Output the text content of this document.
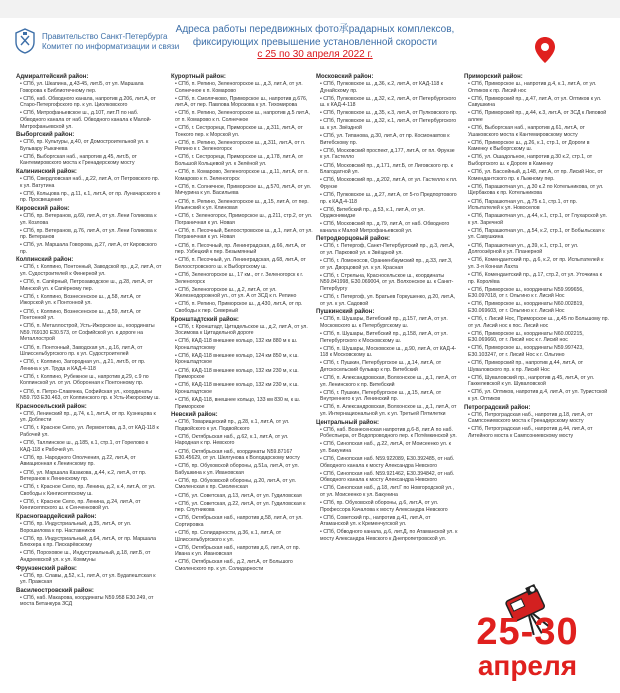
Правительство Санкт-Петербурга
Комитет по информатизации и связи
Адреса работы передвижных фото承радарных комплексов,
фиксирующих превышение установленной скорости
с 25 по 30 апреля 2022 г.
Адмиралтейский район:
• СПб, ул. Шкапина, д.43-45, лит.Б, от ул. Маршала Говорова к Библиотечному пер.
• СПб, наб. Обводного канала, напротив д.206, лит.А, от Старо-Петергофского пр. к ул. Циолковского
• СПб, Митрофаньевское ш., д.10Т, лит.П по наб. Обводного канала от наб. Обводного канала к Малой-Митрофаньевской ул.
Выборгский район:
• СПб, пр. Культуры, д.40, от Домостроительной ул. к Бульвару Рыкачева
• СПб, Выборгская наб., напротив д.45, лит.Б, от Кантемировского моста к Гренадерскому мосту
Калининский район:
• СПб, Свердловская наб., д.22, лит.А, от Петровского пр. к ул. Ватутина
• СПб, Кольцова пр., д.11, к.1, лит.А, от пр. Луначарского к пр. Просвещения
Кировский район:
• СПб, пр. Ветеранов, д.69, лит.А, от ул. Лени Голикова к ул. Козлова
• СПб, пр. Ветеранов, д.76, лит.А, от ул. Лени Голикова к пр. Ветеранов
• СПб, ул. Маршала Говорова, д.27, лит.А, от Кировского пр.
Колпинский район:
• СПб, г. Колпино, Понтонный, Заводской пр., д.2, лит.А, от ул. Судостроителей к Финерной ул.
• СПб, п. Сапёрный, Петрозаводское ш., д.28, лит.А, от Минской ул. к Сапёрному пер.
• СПб, г. Колпино, Вознесенское ш., д.58, лит.А, от Ижорской ул. к Понтонной ул.
• СПб, г. Колпино, Вознесенское ш., д.59, лит.А, от Понтонной ул.
• СПб, п. Металлострой, Усть-Ижорское ш., координаты N59.769130 E30.573, от Софийской ул. к дороге на Металлострой
• СПб, п. Понтонный, Заводская ул., д.16, лит.А, от Шлиссельбургского пр. к ул. Судостроителей
• СПб, г. Колпино, Загородная ул., д.21, лит.Б, от пр. Ленина к ул. Труда и КАД-4-118
• СПб, г. Колпино, Рубежное ш., напротив д.29, с.9 по Колпинской ул. от ул. Оборонная к Понтонному пр.
• СПб, п. Петро-Славянка, Софийская ул., координаты N59.793 E30.463, от Колпинского пр. к Усть-Ижорскому ш.
Красносельский район:
• СПб, Ленинский пр., д.74, к.1, лит.А, от пр. Кузнецова к ул. Доблести
• СПб, г. Красное Село, ул. Лермонтова, д.3, от КАД-118 к Рабочей ул.
• СПб, Таллинское ш., д.185, к.1, стр.1, от Горелово к КАД-118 к Рабочей ул.
• СПб, пр. Народного Ополчения, д.22, лит.А, от Авиационная к Ленинскому пр.
• СПб, ул. Маршала Казакова, д.44, к.2, лит.А, от пр. Ветеранов к Ленинскому пр.
• СПб, г. Красное Село, пр. Ленина, д.2, к.4, лит.А, от ул. Свободы к Кингисеппскому ш.
• СПб, г. Красное Село, пр. Ленина, д.24, лит.А, от Кингисеппского ш. к Сенченковой ул.
Красногвардейский район:
• СПб, пр. Индустриальный, д.35, лит.А, от ул. Ворошилова к пр. Наставников
• СПб, пр. Индустриальный, д.64, лит.А, от пр. Маршала Блюхера к пр. Пискарёвскому
• СПб, Пороховое ш., Индустриальный, д.18, лит.Б, от Андреевской ул. к ул. Коммуны
Фрунзенский район:
• СПб, пр. Славы, д.52, к.1, лит.А, от ул. Будапештская к ул. Пражская
Василеостровский район:
• СПб, наб. Макарова, координаты N59.958 E30.249, от моста Бетанкура ЗСД
Курортный район:
• СПб, п. Репино, Зеленогорское ш., д.3, лит.А, от ул. Солнечное к п. Комарово
• СПб, п. Смолячково, Приморское ш., напротив д.676, лит.А, от пер. Павлова Морозова к ул. Тихомирова
• СПб, п. Репино, Зеленогорское ш., напротив д.5 лит.А, от п. Комарово к п. Солнечное
• СПб, г. Сестрорецк, Приморское ш., д.311, лит.А, от Тонкого пер. к Морской ул.
• СПб, п. Репино, Зеленогорское ш., д.311, лит.А, от п. Репино к г. Зеленогорск
• СПб, г. Сестрорецк, Приморское ш., д.178, лит.А, от Большой Кольцевой ул. к Зелёной ул.
• СПб, п. Комарово, Зеленогорское ш., д.11, лит.А, от п. Комарово к п. Зеленогорск
• СПб, п. Солнечное, Приморское ш., д.570, лит.А, от ул. Мичурина к ул. Васильева
• СПб, п. Репино, Зеленогорское ш., д.15, лит.А, от пер. Ильинский к ул. Клиновая
• СПб, г. Зеленогорск, Приморское ш., д.211, стр.2, от ул. Пограничная к ул. Новая
• СПб, п. Песочный, Белоостровское ш., д.1, лит.А, от ул. Пограничная к ул. Новая
• СПб, п. Песочный, пр. Ленинградская, д.66, лит.А, от пер. Узбецкий к пер. Безымянный
• СПб, п. Песочный, ул. Ленинградская, д.68, лит.А, от Белоостровского ш. к Выборгскому ш.
• СПб, Зеленогорское ш., 17 км., от г. Зеленогорск к г. Зеленогорск
• СПб, Зеленогорское ш., д.2, лит.А, от ул. Железнодорожной ул., от ул. А от ЗСД к п. Репино
• СПб, п. Репино, Приморское ш., д.430, лит.А, от пр. Свободы к пер. Северный
Кронштадтский район:
• СПб, г. Кронштадт, Цитадельское ш., д.2, лит.А, от ул. Зосимова к Цитадельной дороге
• СПб, КАД-118 внешнее кольцо, 132 км 880 м к ш. Кронштадтскому
• СПб, КАД-118 внешнее кольцо, 124 км 850 м, к ш. Кронштадтское
• СПб, КАД-118 внешнее кольцо, 132 км 230 м, к ш. Приморское
• СПб, КАД-118 внешнее кольцо, 132 км 230 м, к ш. Кронштадтское
• СПб, КАД-118, внешнее кольцо, 133 км 830 м, к ш. Приморское
Невский район:
• СПб, Товарищеский пр., д.28, к.1, лит.А, от ул. Подвойского к ул. Подвойского
• СПб, Октябрьская наб., д.62, к.1, лит.А, от ул. Народная к пр. Невского
• СПб, Октябрьская наб., координаты N59.87167 E30.45629, от ул. Шелгунова к Володарскому мосту
• СПб, пр. Обуховской обороны, д.51а, лит.А, от ул. Бабушкина к ул. Ивановская
• СПб, пр. Обуховской обороны, д.20, лит.А, от ул. Смоленская к пр. Смоленская
• СПб, ул. Советская, д.13, лит.А, от ул. Гудиловская
• СПб, ул. Советская, д.22, лит.А, от ул. Гудиловская к пер. Спутникова
• СПб, Октябрьская наб., напротив д.58, лит.А, от ул. Сортировка
• СПб, пр. Солидарности, д.36, к.1, лит.А, от Шлиссельбургского к ул.
• СПб, Октябрьская наб., напротив д.6, лит.А, от пр. Ивана к ул. Ивановская
• СПб, Октябрьская наб., д.2, лит.А, от Большого Смоленского пр. к ул. Солидарности
Московский район:
• СПб, Пулковское ш., д.36, к.2, лит.А, от КАД-118 к Дунайскому пр.
• СПб, Пулковское ш., д.32, к.2, лит.А, от Петербургского ш. к КАД-4-118
• СПб, Пулковское ш., д.35, к.3, лит.А, от Пулковского пр.
• СПб, Пулковское ш., д.32, к.1, лит.А, от Петербургского ш. к ул. Звёздной
• СПб, ул. Типанова, д.30, лит.А, от пр. Космонавтов к Витебскому пр.
• СПб, Московский проспект, д.177, лит.А, от пл. Фрунзе к ул. Гастелло
• СПб, Московский пр., д.171, лит.Б, от Лиговского пр. к Благодатной ул.
• СПб, Московский пр., д.202, лит.А, от ул. Гастелло к пл. Фрунзе
• СПб, Пулковское ш., д.27, лит.А, от 5-го Предпортового пр. к КАД-4-118
• СПб, Витебский пр., д.53, к.1, лит.А, от ул. Орджоникидзе
• СПб, Московский пр., д.79, лит.А, от наб. Обводного канала к Малой Митрофаньевской ул.
Петродворцовый район:
• СПб, г. Петергоф, Санкт-Петербургский пр., д.3, лит.А, от ул. Парковой ул. к Звёздной ул.
• СПб, г. Ломоносов, Ораниенбаумский пр., д.33, лит.З, от ул. Дворцовой ул. к ул. Красная
• СПб, г. Стрельна, Красносельское ш., координаты N59.841998, E30.069004, от ул. Волхонское ш. к Санкт-Петербургу
• СПб, г. Петергоф, ул. Братьев Горкушенко, д.20, лит.А, от ул. к ул. Садовой
Пушкинский район:
• СПб, п. Шушары, Витебский пр., д.157, лит.А, от ул. Московского ш. к Петербургскому ш.
• СПб, п. Шушары, Витебский пр., д.158, лит.А, от ул. Петербургского к Московскому ш.
• СПб, п. Шушары, Московское ш., д.90, лит.А, от КАД-4-118 к Московскому ш.
• СПб, г. Пушкин, Петербургское ш., д.14, лит.А, от Детскосельский бульвар к пр. Витебский
• СПб, п. Александровская, Волхонское ш., д.1, лит.А, от ул. Ленинского к пр. Витебский
• СПб, г. Пушкин, Петербургское ш., д.15, лит.А, от Внутреннего к ул. Ленинский пр.
• СПб, п. Александровская, Волхонское ш., д.1, лит.А, от ул. Интернациональной ул. к ул. Третьей Пятилетки
Центральный район:
• СПб, наб. Вознесенская напротив д.6-8, лит.А по наб. Робеспьера, от Водопроводного пер. к Потёмкинской ул.
• СПб, Синопская наб., д.22, лит.А, от Моисеенко ул. к ул. Бакунина
• СПб, Синопская наб. N59.922089, E30.392485, от наб. Обводного канала к мосту Александра Невского
• СПб, Синопская наб. N59.921462, E30.394842, от наб. Обводного канала к мосту Александра Невского
• СПб, Синопская наб., д.18, лит.Г по Новгородской ул., от ул. Моисеенко к ул. Бакунина
• СПб, пр. Обуховской обороны, д.6, лит.А, от ул. Профессора Качалова к мосту Александра Невского
• СПб, Советский пр., напротив д.41, лит.А, от Атаманской ул. к Кременчугской ул.
• СПб, Обводного канала, д.6, лит.Д, по Атаманской ул. к мосту Александра Невского к Днепропетровской ул.
Приморский район:
• СПб, Приморское ш., напротив д.4, к.1, лит.А, от ул. Оптиков к пр. Лисий нос
• СПб, Приморский пр., д.47, лит.А, от ул. Оптиков к ул. Савушкина
• СПб, Приморский пр., д.44, к.3, лит.А, от ЗСД к Липовой аллее
• СПб, Выборгская наб., напротив д.61, лит.А, от Ушаковского моста к Кантемировскому мосту
• СПб, Приморское ш., д.26, к.1, стр.1, от Дороги в Каменку к Выборгскому ш.
• СПб, ул. Ошадольное, напротив д.30 к.2, стр.1, от Выборгского ш. к Дороге в Каменку
• СПб, ул. Бассейный, д.148, лит.А, от пр. Лисий Нос, от Комендантского пр. к Лыжному пер.
• СПб, Парашютная ул., д.30 к.2 по Котельникова, от ул. Щербакова к пр. Котельникова
• СПб, Парашютная ул., д.75 к.1, стр.1, от пр. Испытателей к ул. Новоселов
• СПб, Парашютная ул., д.44, к.1, стр.1, от Глухарской ул. к ул. Заречной
• СПб, Парашютная ул., д.54, к.2, стр.1, от Бобыльская к ул. Савушкина
• СПб, Парашютная ул., д.39, к.1, стр.1, от ул. Долгоозёрной к ул. Планерной
• СПб, Комендантский пр., д.6, к.2, от пр. Испытателей к ул. 3-я Конная Лахта
• СПб, Комендантский пр., д.17, стр.2, от ул. Уточкина к пр. Королёва
• СПб, Приморское ш., координаты N59.999656, E30.097018, от г. Ольгино к г. Лисий Нос
• СПб, Приморское ш., координаты N60.002819, E30.069603, от г. Ольгино к г. Лисий Нос
• СПб, г. Лисий Нос, Приморское ш., д.45 по Большому пр. от ул. Лисий нос к пос. Лисий нос
• СПб, Приморское ш., координаты N60.002215, E30.069660, от г. Лисий нос к г. Лисий нос
• СПб, Приморское ш., координаты N59.997423, E30.103247, от г. Лисий Нос к г. Ольгино
• СПб, Приморский пр., напротив д.44, лит.А, от Шуваловского пр. к пр. Лисий Нос
• СПб, Шуваловский пр., напротив д.45, лит.А, от ул. Гаккелевской к ул. Шуваловской
• СПб, ул. Оптиков, напротив д.4, лит.А, от ул. Туристской к ул. Оптиков
Петроградский район:
• СПб, Петроградская наб., напротив д.18, лит.А, от Сампсониевского моста к Гренадерскому мосту
• СПб, Петроградская наб., напротив д.44, лит.А, от Литейного моста к Сампсониевскому мосту
25-30
апреля
